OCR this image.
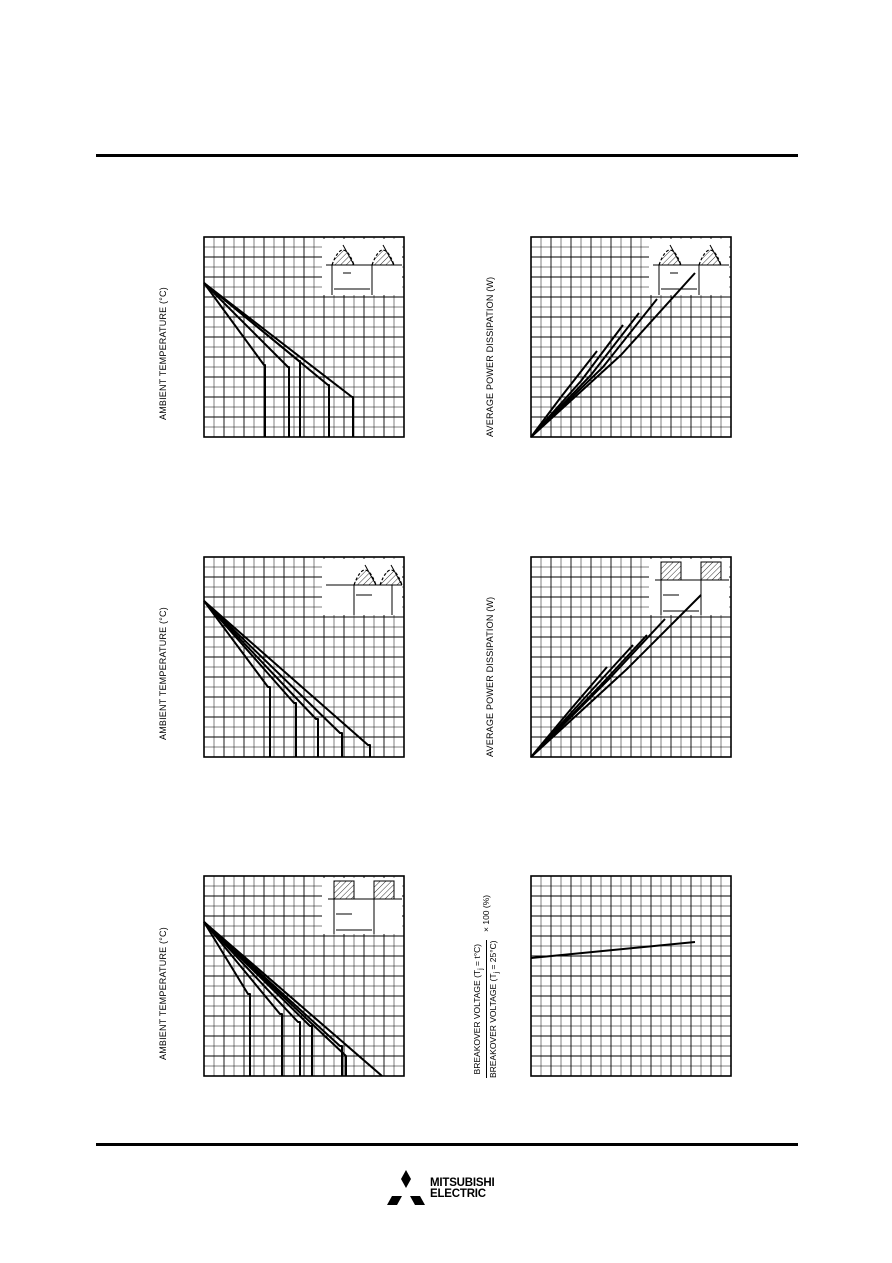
AMBIENT TEMPERATURE (°C)
AMBIENT TEMPERATURE (°C)
AMBIENT TEMPERATURE (°C)
AVERAGE POWER DISSIPATION (W)
AVERAGE POWER DISSIPATION (W)
BREAKOVER VOLTAGE $(T_j = t^\circ C)$
BREAKOVER VOLTAGE $(T_j = 25^\circ C)$
× 100 (%)
MITSUBISHI
ELECTRIC
